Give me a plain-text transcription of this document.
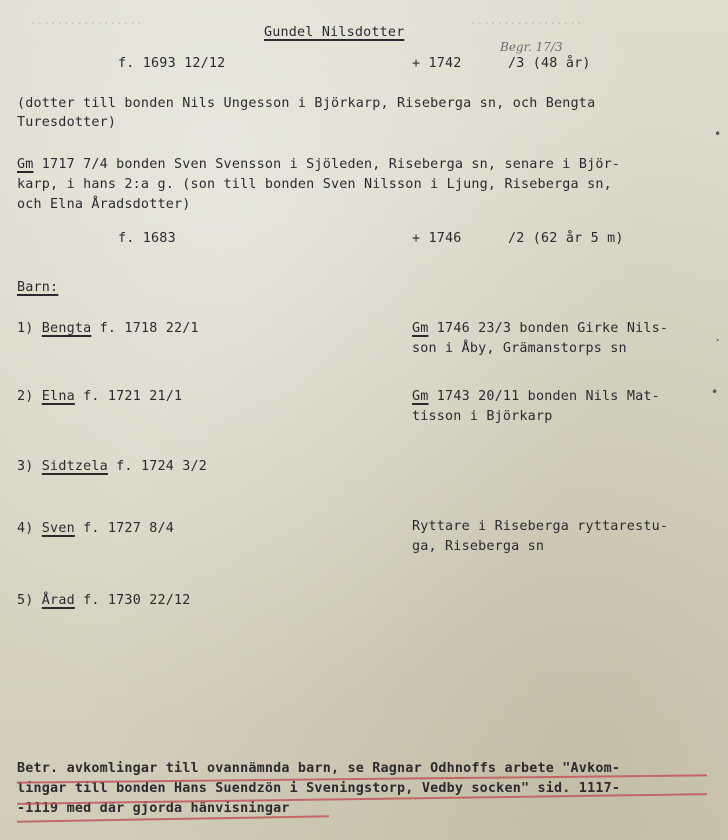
.................	.................
Gundel Nilsdotter
Begr. 17/3
f. 1693 12/12	+ 1742	/3 (48 år)
(dotter till bonden Nils Ungesson i Björkarp, Riseberga sn, och Bengta
Turesdotter)
Gm 1717 7/4 bonden Sven Svensson i Sjöleden, Riseberga sn, senare i Björ-
karp, i hans 2:a g. (son till bonden Sven Nilsson i Ljung, Riseberga sn,
och Elna Åradsdotter)
f. 1683	+ 1746	/2 (62 år 5 m)
Barn:
1) Bengta f. 1718 22/1	Gm 1746 23/3 bonden Girke Nils-
son i Åby, Grämanstorps sn
2) Elna f. 1721 21/1	Gm 1743 20/11 bonden Nils Mat-
tisson i Björkarp
3) Sidtzela f. 1724 3/2
4) Sven f. 1727 8/4	Ryttare i Riseberga ryttarestu-
ga, Riseberga sn
5) Årad f. 1730 22/12
Betr. avkomlingar till ovannämnda barn, se Ragnar Odhnoffs arbete "Avkom-
lingar till bonden Hans Suendzön i Sveningstorp, Vedby socken" sid. 1117-
-1119 med där gjorda hänvisningar
•
•
.
